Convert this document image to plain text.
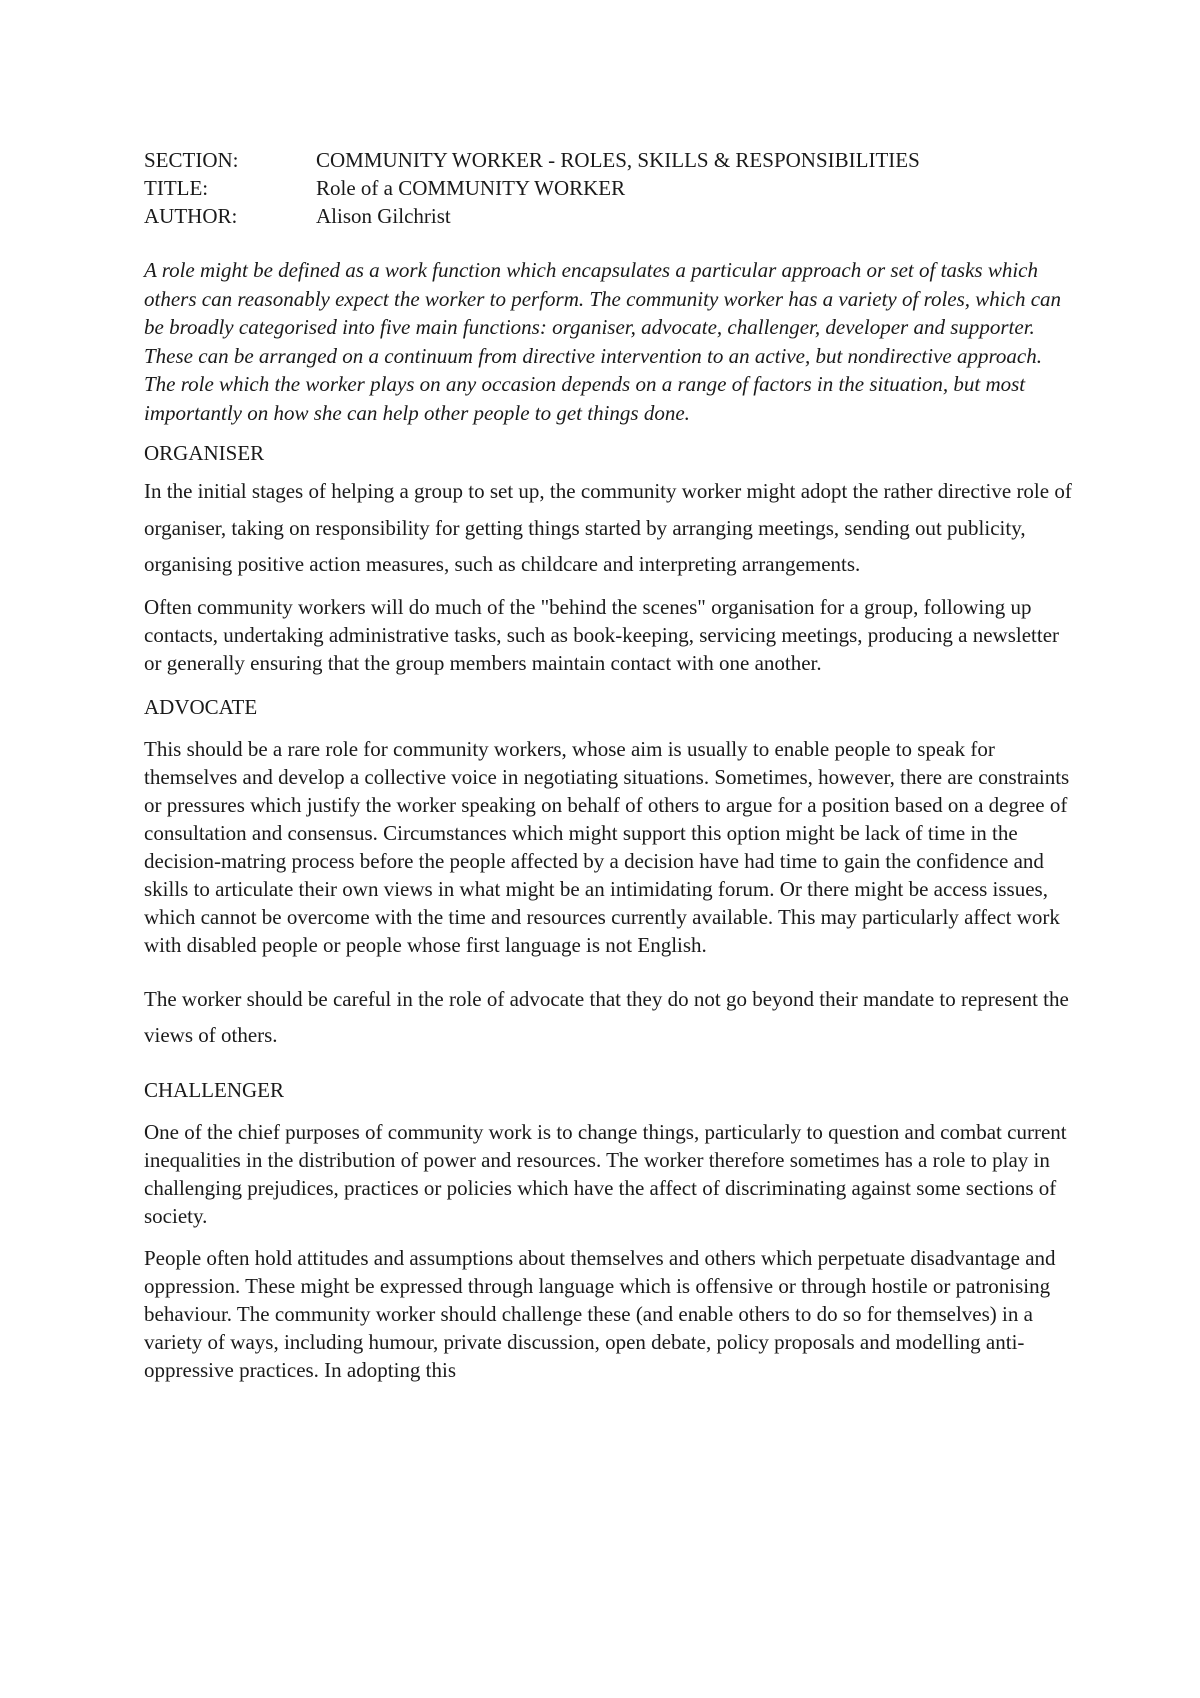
SECTION:	COMMUNITY WORKER - ROLES, SKILLS & RESPONSIBILITIES
TITLE:	Role of a COMMUNITY WORKER
AUTHOR:	Alison Gilchrist

A role might be defined as a work function which encapsulates a particular approach or set of tasks which others can reasonably expect the worker to perform. The community worker has a variety of roles, which can be broadly categorised into five main functions: organiser, advocate, challenger, developer and supporter. These can be arranged on a continuum from directive intervention to an active, but nondirective approach. The role which the worker plays on any occasion depends on a range of factors in the situation, but most importantly on how she can help other people to get things done.

ORGANISER

In the initial stages of helping a group to set up, the community worker might adopt the rather directive role of organiser, taking on responsibility for getting things started by arranging meetings, sending out publicity, organising positive action measures, such as childcare and interpreting arrangements.

Often community workers will do much of the "behind the scenes" organisation for a group, following up contacts, undertaking administrative tasks, such as book-keeping, servicing meetings, producing a newsletter or generally ensuring that the group members maintain contact with one another.

ADVOCATE

This should be a rare role for community workers, whose aim is usually to enable people to speak for themselves and develop a collective voice in negotiating situations. Sometimes, however, there are constraints or pressures which justify the worker speaking on behalf of others to argue for a position based on a degree of consultation and consensus. Circumstances which might support this option might be lack of time in the decision-matring process before the people affected by a decision have had time to gain the confidence and skills to articulate their own views in what might be an intimidating forum. Or there might be access issues, which cannot be overcome with the time and resources currently available. This may particularly affect work with disabled people or people whose first language is not English.

The worker should be careful in the role of advocate that they do not go beyond their mandate to represent the views of others.

CHALLENGER

One of the chief purposes of community work is to change things, particularly to question and combat current inequalities in the distribution of power and resources. The worker therefore sometimes has a role to play in challenging prejudices, practices or policies which have the affect of discriminating against some sections of society.

People often hold attitudes and assumptions about themselves and others which perpetuate disadvantage and oppression. These might be expressed through language which is offensive or through hostile or patronising behaviour. The community worker should challenge these (and enable others to do so for themselves) in a variety of ways, including humour, private discussion, open debate, policy proposals and modelling anti-oppressive practices. In adopting this
